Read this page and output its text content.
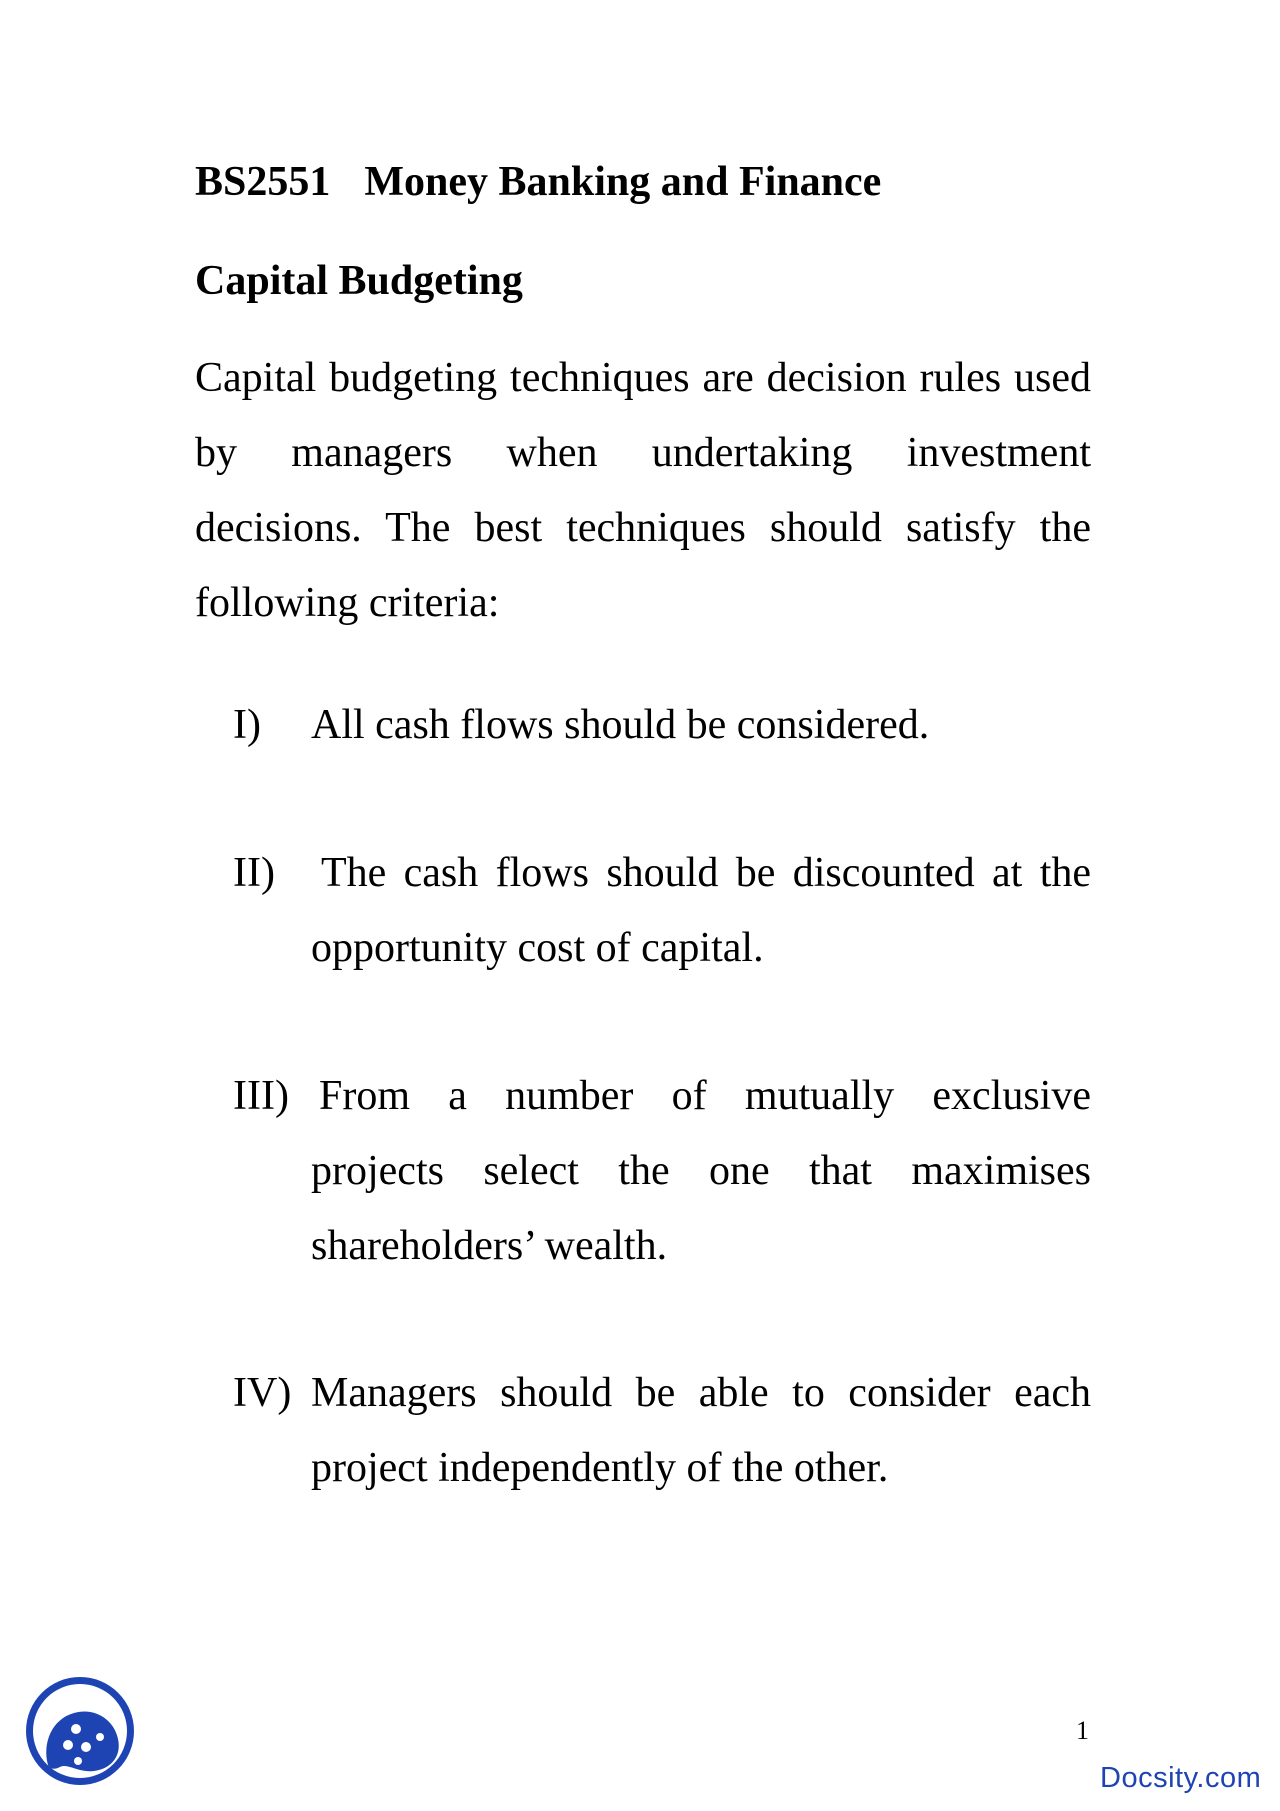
BS2551 Money Banking and Finance
Capital Budgeting
Capital budgeting techniques are decision rules used by managers when undertaking investment decisions. The best techniques should satisfy the following criteria:
I) All cash flows should be considered.
II) The cash flows should be discounted at the opportunity cost of capital.
III) From a number of mutually exclusive projects select the one that maximises shareholders’ wealth.
IV) Managers should be able to consider each project independently of the other.
1
Docsity.com
